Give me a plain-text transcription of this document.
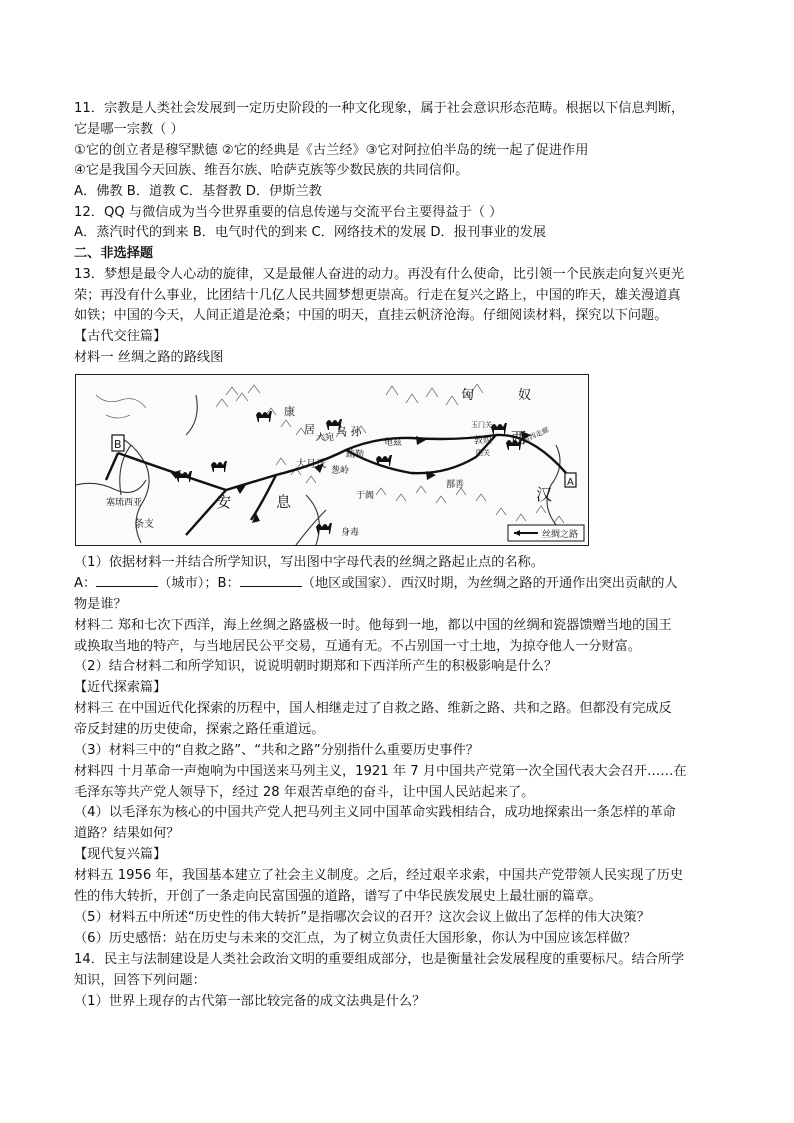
11．宗教是人类社会发展到一定历史阶段的一种文化现象，属于社会意识形态范畴。根据以下信息判断，
它是哪一宗教（ ）
①它的创立者是穆罕默德 ②它的经典是《古兰经》③它对阿拉伯半岛的统一起了促进作用
④它是我国今天回族、维吾尔族、哈萨克族等少数民族的共同信仰。
A．佛教 B．道教 C．基督教 D．伊斯兰教
12．QQ 与微信成为当今世界重要的信息传递与交流平台主要得益于（ ）
A．蒸汽时代的到来 B．电气时代的到来 C．网络技术的发展 D．报刊事业的发展
二、非选择题
13．梦想是最令人心动的旋律，又是最催人奋进的动力。再没有什么使命，比引领一个民族走向复兴更光
荣；再没有什么事业，比团结十几亿人民共圆梦想更崇高。行走在复兴之路上，中国的昨天，雄关漫道真
如铁；中国的今天，人间正道是沧桑；中国的明天，直挂云帆济沧海。仔细阅读材料，探究以下问题。
【古代交往篇】
材料一 丝绸之路的路线图
B
A
匈	奴
康
居 乌 孙	西
汉
安	息
大月氏
大宛
疏勒
葱岭
龟兹
鄯善
于阗
敦煌
玉门关
阳关
河西走廊
塞琉西亚
条支
身毒	丝绸之路
（1）依据材料一并结合所学知识，写出图中字母代表的丝绸之路起止点的名称。
A：	（城市）；B：	（地区或国家）．西汉时期，为丝绸之路的开通作出突出贡献的人
物是谁？
材料二 郑和七次下西洋，海上丝绸之路盛极一时。他每到一地，都以中国的丝绸和瓷器馈赠当地的国王
或换取当地的特产，与当地居民公平交易，互通有无。不占别国一寸土地，为掠夺他人一分财富。
（2）结合材料二和所学知识，说说明朝时期郑和下西洋所产生的积极影响是什么？
【近代探索篇】
材料三 在中国近代化探索的历程中，国人相继走过了自救之路、维新之路、共和之路。但都没有完成反
帝反封建的历史使命，探索之路任重道远。
（3）材料三中的“自救之路”、“共和之路”分别指什么重要历史事件？
材料四 十月革命一声炮响为中国送来马列主义，1921 年 7 月中国共产党第一次全国代表大会召开……在
毛泽东等共产党人领导下，经过 28 年艰苦卓绝的奋斗，让中国人民站起来了。
（4）以毛泽东为核心的中国共产党人把马列主义同中国革命实践相结合，成功地探索出一条怎样的革命
道路？结果如何？
【现代复兴篇】
材料五 1956 年，我国基本建立了社会主义制度。之后，经过艰辛求索，中国共产党带领人民实现了历史
性的伟大转折，开创了一条走向民富国强的道路，谱写了中华民族发展史上最壮丽的篇章。
（5）材料五中所述“历史性的伟大转折”是指哪次会议的召开？这次会议上做出了怎样的伟大决策？
（6）历史感悟：站在历史与未来的交汇点，为了树立负责任大国形象，你认为中国应该怎样做？
14．民主与法制建设是人类社会政治文明的重要组成部分，也是衡量社会发展程度的重要标尺。结合所学
知识，回答下列问题：
（1）世界上现存的古代第一部比较完备的成文法典是什么？
